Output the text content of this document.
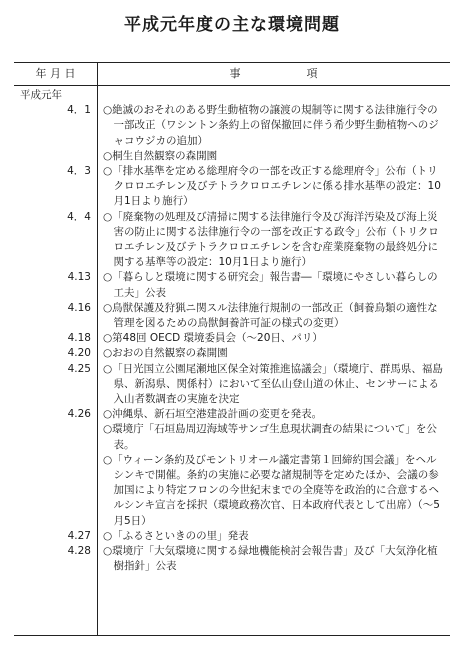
平成元年度の主な環境問題
年 月 日	事　　　　　　項
平成元年
4．1	○絶滅のおそれのある野生動植物の譲渡の規制等に関する法律施行令の一部改正（ワシントン条約上の留保撤回に伴う希少野生動植物へのジャコウジカの追加）
○桐生自然観察の森開園
4．3	○「排水基準を定める総理府令の一部を改正する総理府令」公布（トリクロロエチレン及びテトラクロロエチレンに係る排水基準の設定：10月1日より施行）
4．4	○「廃棄物の処理及び清掃に関する法律施行令及び海洋汚染及び海上災害の防止に関する法律施行令の一部を改正する政令」公布（トリクロロエチレン及びテトラクロロエチレンを含む産業廃棄物の最終処分に関する基準等の設定：10月1日より施行）
4.13	○「暮らしと環境に関する研究会」報告書―「環境にやさしい暮らしの工夫」公表
4.16	○鳥獣保護及狩猟ニ関スル法律施行規制の一部改正（飼養鳥類の適性な管理を図るための鳥獣飼養許可証の様式の変更）
4.18	○第48回 OECD 環境委員会（～20日、パリ）
4.20	○おおの自然観察の森開園
4.25	○「日光国立公園尾瀬地区保全対策推進協議会」（環境庁、群馬県、福島県、新潟県、関係村）において至仏山登山道の休止、センサーによる入山者数調査の実施を決定
4.26	○沖縄県、新石垣空港建設計画の変更を発表。
○環境庁「石垣島周辺海域等サンゴ生息現状調査の結果について」を公表。
○「ウィーン条約及びモントリオール議定書第１回締約国会議」をヘルシンキで開催。条約の実施に必要な諸規制等を定めたほか、会議の参加国により特定フロンの今世紀末までの全廃等を政治的に合意するヘルシンキ宣言を採択（環境政務次官、日本政府代表として出席）（～5月5日）
4.27	○「ふるさといきのの里」発表
4.28	○環境庁「大気環境に関する緑地機能検討会報告書」及び「大気浄化植樹指針」公表
